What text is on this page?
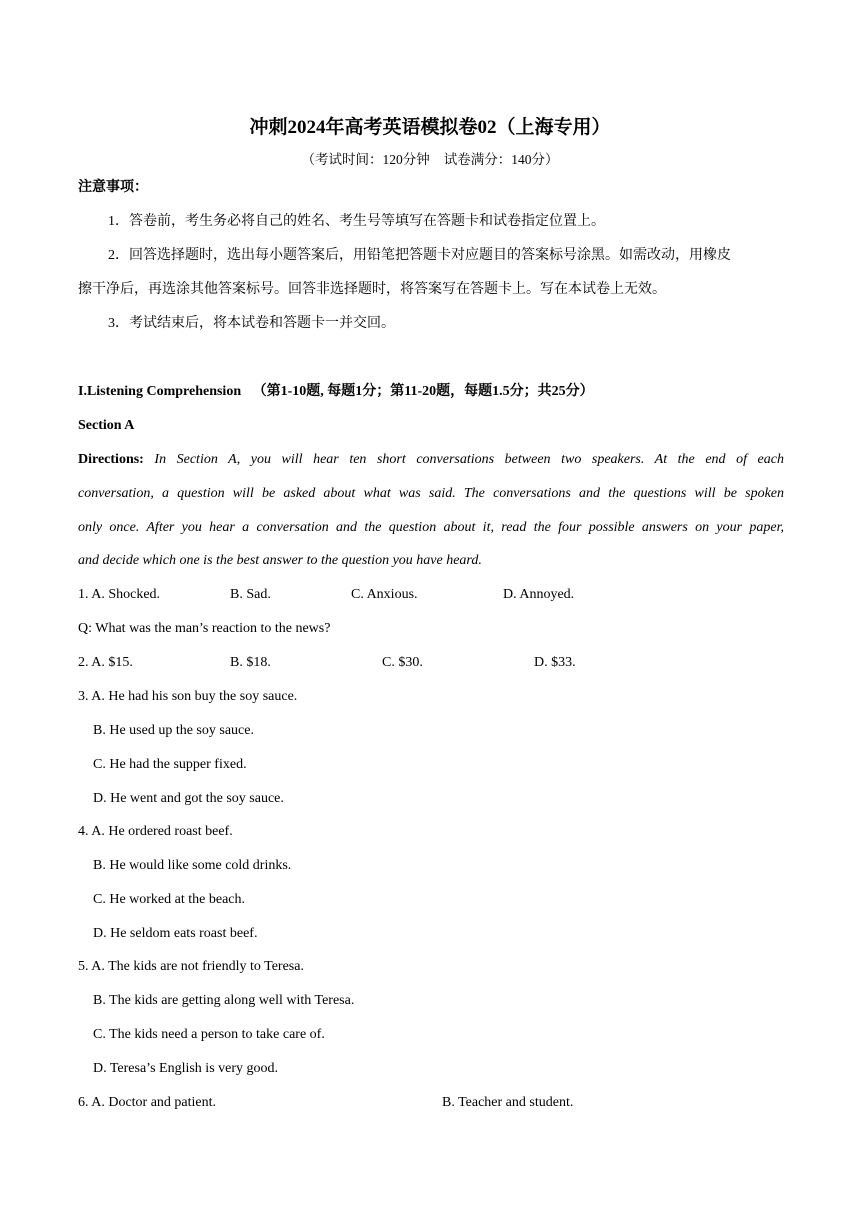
冲刺2024年高考英语模拟卷02（上海专用）
（考试时间：120分钟 试卷满分：140分）
注意事项：
1．答卷前，考生务必将自己的姓名、考生号等填写在答题卡和试卷指定位置上。
2．回答选择题时，选出每小题答案后，用铅笔把答题卡对应题目的答案标号涂黑。如需改动，用橡皮
擦干净后，再选涂其他答案标号。回答非选择题时，将答案写在答题卡上。写在本试卷上无效。
3．考试结束后，将本试卷和答题卡一并交回。
I.Listening Comprehension （第1-10题, 每题1分；第11-20题，每题1.5分；共25分）
Section A
Directions: In Section A, you will hear ten short conversations between two speakers. At the end of each
conversation, a question will be asked about what was said. The conversations and the questions will be spoken
only once. After you hear a conversation and the question about it, read the four possible answers on your paper,
and decide which one is the best answer to the question you have heard.
1. A. Shocked.	B. Sad.	C. Anxious.	D. Annoyed.
Q: What was the man’s reaction to the news?
2. A. $15.	B. $18.	C. $30.	D. $33.
3. A. He had his son buy the soy sauce.
B. He used up the soy sauce.
C. He had the supper fixed.
D. He went and got the soy sauce.
4. A. He ordered roast beef.
B. He would like some cold drinks.
C. He worked at the beach.
D. He seldom eats roast beef.
5. A. The kids are not friendly to Teresa.
B. The kids are getting along well with Teresa.
C. The kids need a person to take care of.
D. Teresa’s English is very good.
6. A. Doctor and patient.	B. Teacher and student.
